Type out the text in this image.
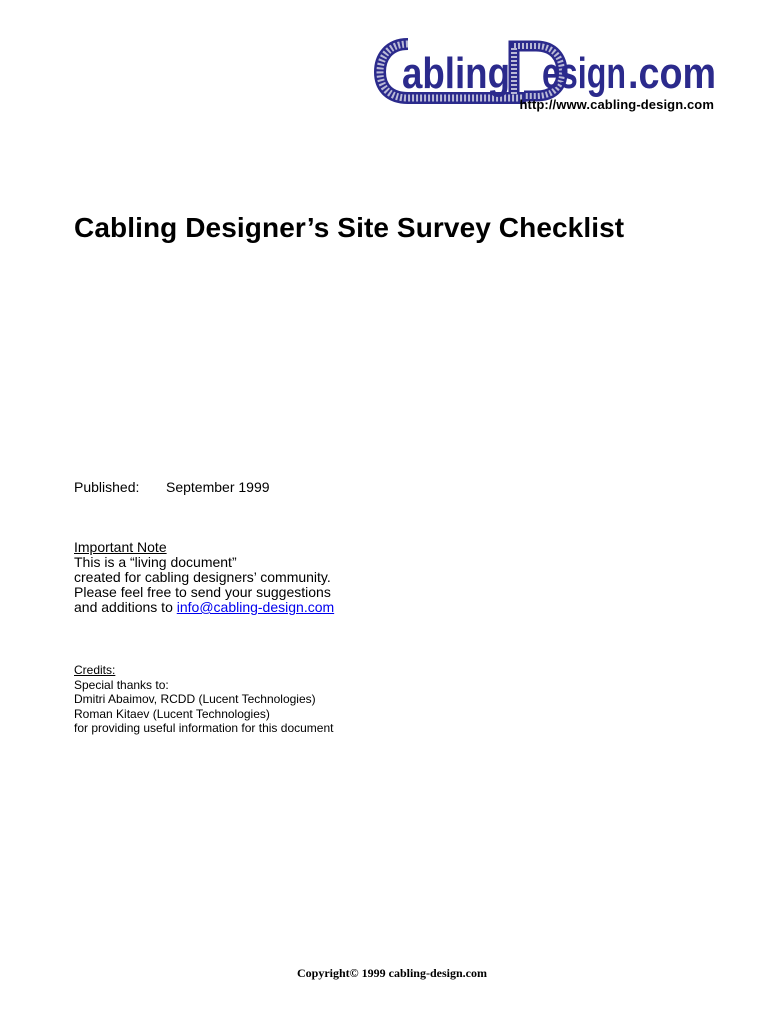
abling esign .com
http://www.cabling-design.com
Cabling Designer’s Site Survey Checklist
Published: September 1999
Important Note
This is a “living document”
created for cabling designers’ community.
Please feel free to send your suggestions
and additions to info@cabling-design.com
Credits:
Special thanks to:
Dmitri Abaimov, RCDD (Lucent Technologies)
Roman Kitaev (Lucent Technologies)
for providing useful information for this document
Copyright© 1999 cabling-design.com
